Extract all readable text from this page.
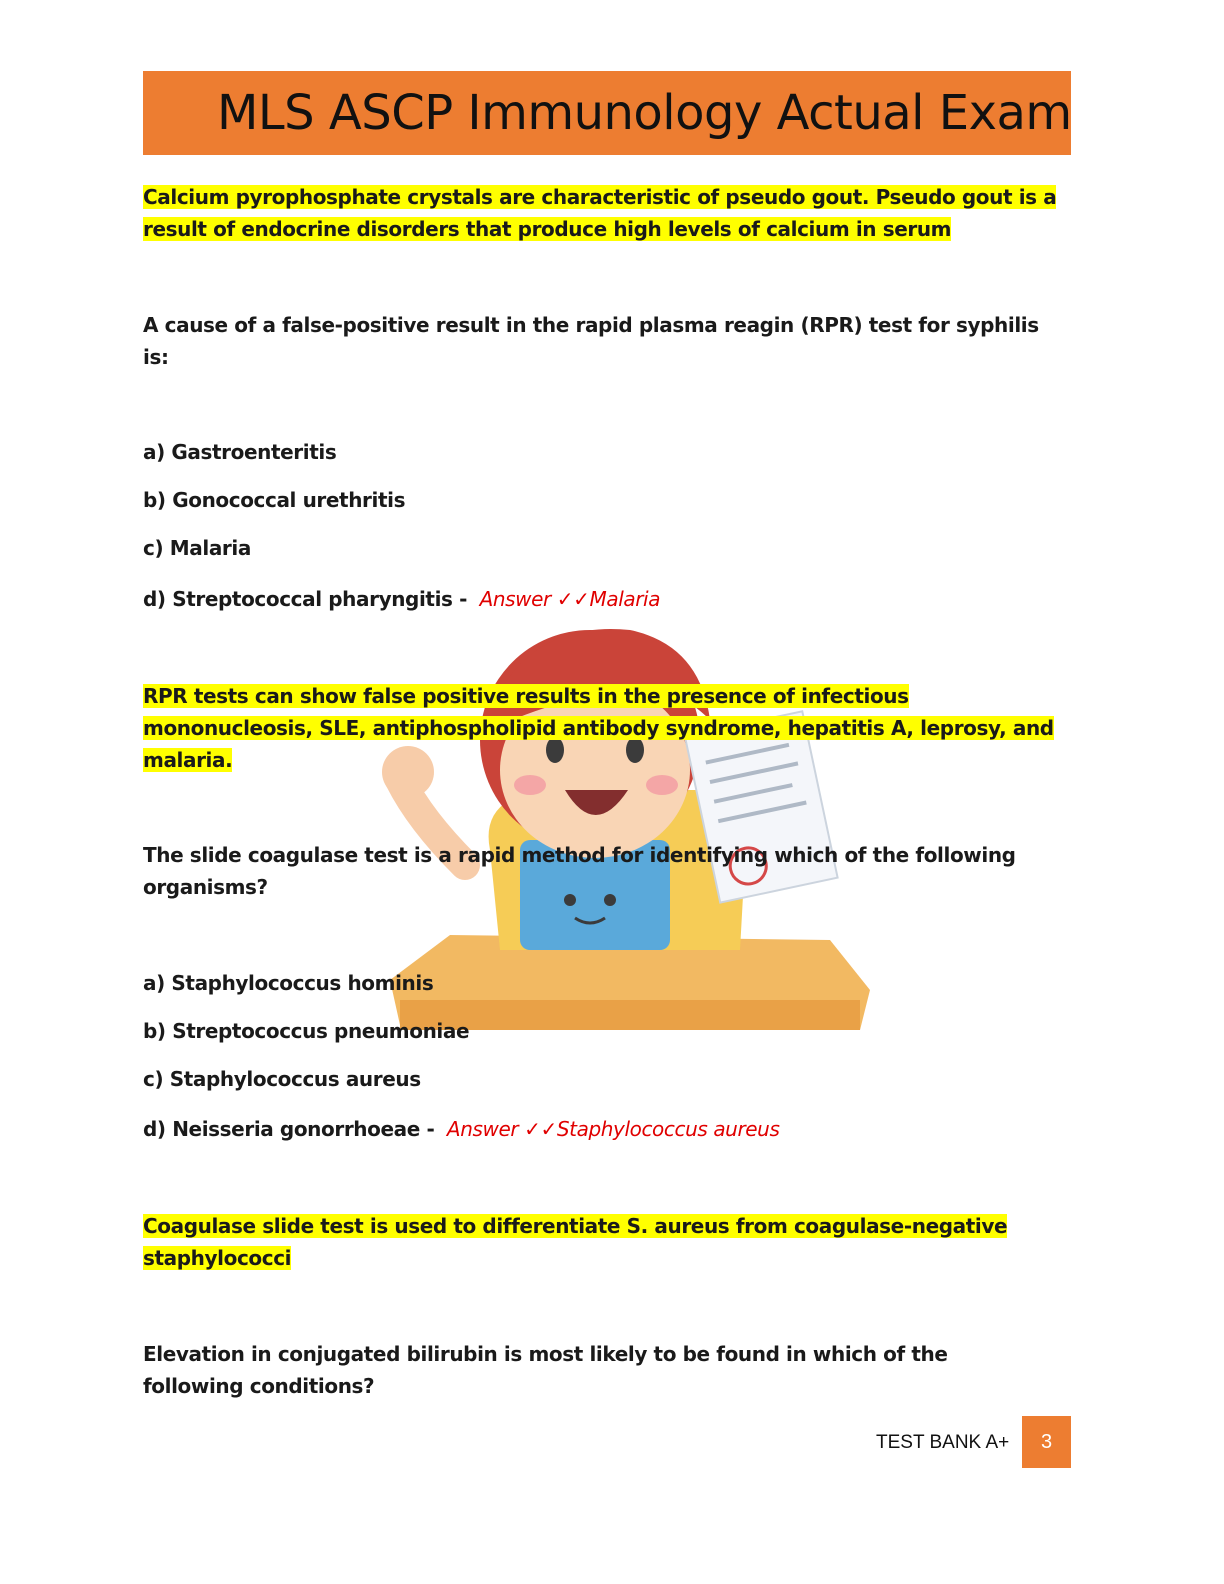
MLS ASCP Immunology Actual Exam
Calcium pyrophosphate crystals are characteristic of pseudo gout. Pseudo gout is a
result of endocrine disorders that produce high levels of calcium in serum
A cause of a false-positive result in the rapid plasma reagin (RPR) test for syphilis
is:
a) Gastroenteritis
b) Gonococcal urethritis
c) Malaria
d) Streptococcal pharyngitis - Answer ✓✓Malaria
RPR tests can show false positive results in the presence of infectious
mononucleosis, SLE, antiphospholipid antibody syndrome, hepatitis A, leprosy, and
malaria.
The slide coagulase test is a rapid method for identifying which of the following
organisms?
a) Staphylococcus hominis
b) Streptococcus pneumoniae
c) Staphylococcus aureus
d) Neisseria gonorrhoeae - Answer ✓✓Staphylococcus aureus
Coagulase slide test is used to differentiate S. aureus from coagulase-negative
staphylococci
Elevation in conjugated bilirubin is most likely to be found in which of the
following conditions?
TEST BANK A+	3
